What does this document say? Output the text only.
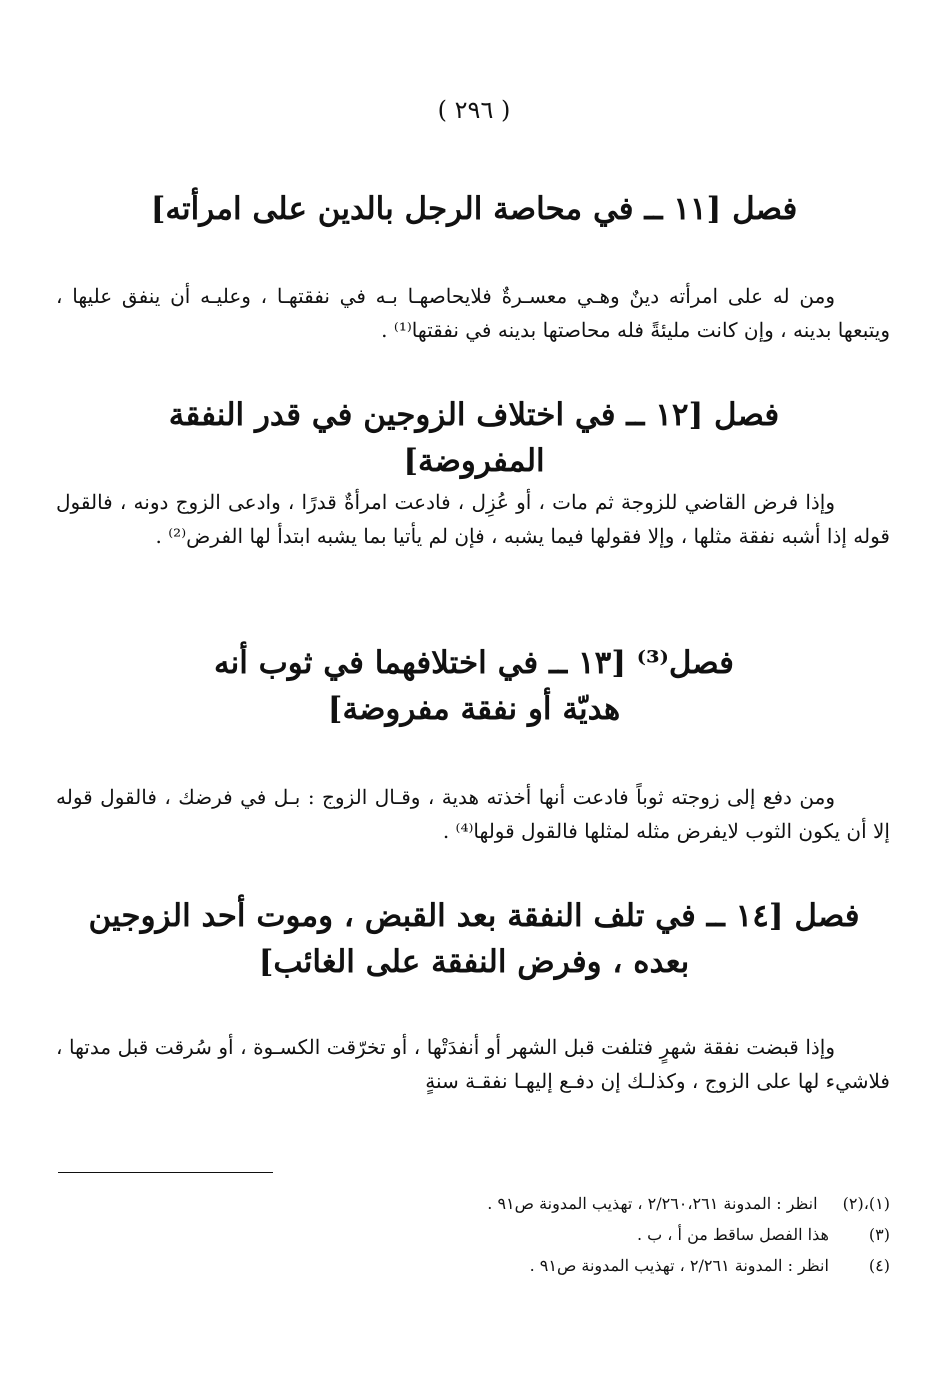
( ٢٩٦ )
فصل [١١ ــ في محاصة الرجل بالدين على امرأته]

ومن له على امرأته دينٌ وهـي معسـرةٌ فلايحاصهـا بـه في نفقتهـا ، وعليـه أن ينفق عليها ، ويتبعها بدينه ، وإن كانت مليئةً فله محاصتها بدينه في نفقتها⁽¹⁾ .

فصل [١٢ ــ في اختلاف الزوجين في قدر النفقة المفروضة]

وإذا فرض القاضي للزوجة ثم مات ، أو عُزِل ، فادعت امرأةٌ قدرًا ، وادعى الزوج دونه ، فالقول قوله إذا أشبه نفقة مثلها ، وإلا فقولها فيما يشبه ، فإن لم يأتيا بما يشبه ابتدأ لها الفرض⁽²⁾ .

فصل⁽³⁾ [١٣ ــ في اختلافهما في ثوب أنه هديّة أو نفقة مفروضة]

ومن دفع إلى زوجته ثوباً فادعت أنها أخذته هدية ، وقـال الزوج : بـل في فرضك ، فالقول قوله إلا أن يكون الثوب لايفرض مثله لمثلها فالقول قولها⁽⁴⁾ .

فصل [١٤ ــ في تلف النفقة بعد القبض ، وموت أحد الزوجين بعده ، وفرض النفقة على الغائب]

وإذا قبضت نفقة شهرٍ فتلفت قبل الشهر أو أنفدَتْها ، أو تخرّقت الكسـوة ، أو سُرقت قبل مدتها ، فلاشيء لها على الزوج ، وكذلـك إن دفـع إليهـا نفقـة سنةٍ

(١)،(٢) انظر : المدونة ٢/٢٦٠،٢٦١ ، تهذيب المدونة ص٩١ .
(٣) هذا الفصل ساقط من أ ، ب .
(٤) انظر : المدونة ٢/٢٦١ ، تهذيب المدونة ص٩١ .
